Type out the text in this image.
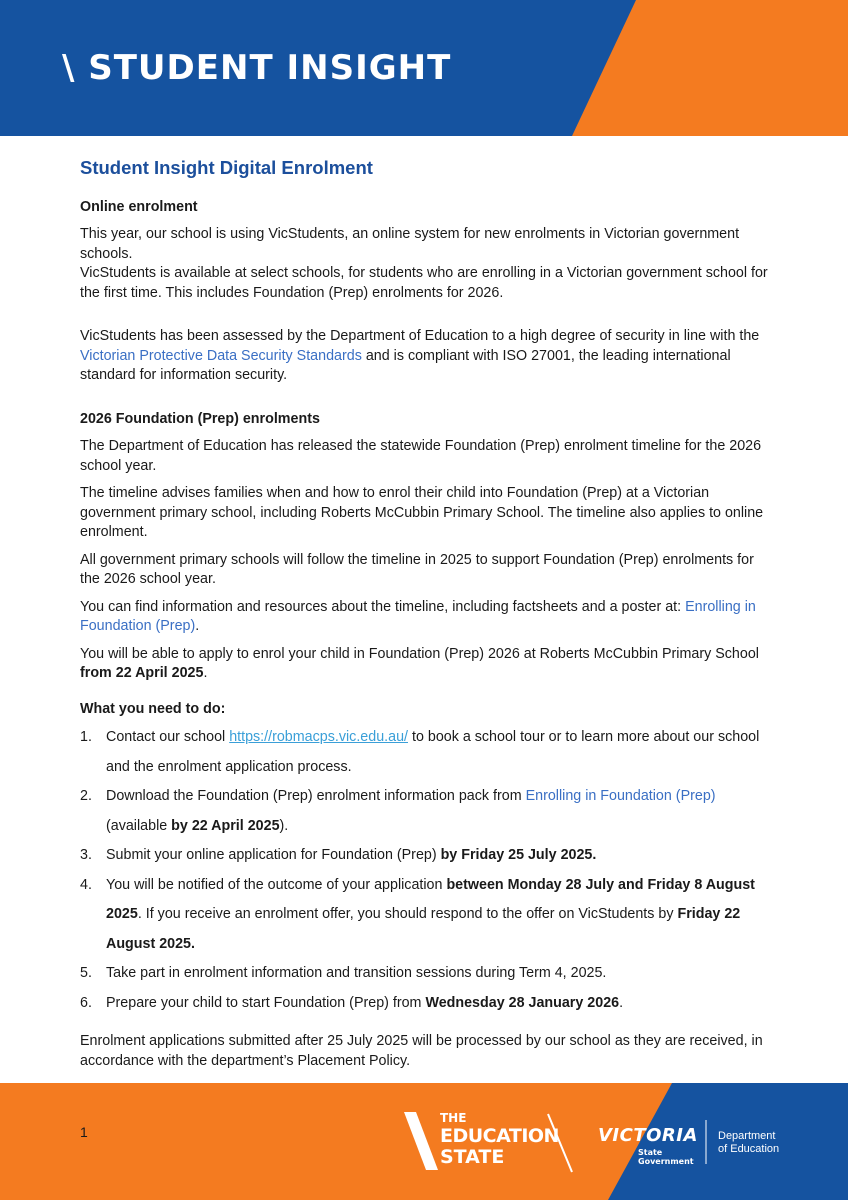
\ STUDENT INSIGHT
Student Insight Digital Enrolment
Online enrolment

This year, our school is using VicStudents, an online system for new enrolments in Victorian government schools.

VicStudents is available at select schools, for students who are enrolling in a Victorian government school for the first time. This includes Foundation (Prep) enrolments for 2026.

VicStudents has been assessed by the Department of Education to a high degree of security in line with the Victorian Protective Data Security Standards and is compliant with ISO 27001, the leading international standard for information security.

2026 Foundation (Prep) enrolments

The Department of Education has released the statewide Foundation (Prep) enrolment timeline for the 2026 school year.

The timeline advises families when and how to enrol their child into Foundation (Prep) at a Victorian government primary school, including Roberts McCubbin Primary School. The timeline also applies to online enrolment.

All government primary schools will follow the timeline in 2025 to support Foundation (Prep) enrolments for the 2026 school year.

You can find information and resources about the timeline, including factsheets and a poster at: Enrolling in Foundation (Prep).

You will be able to apply to enrol your child in Foundation (Prep) 2026 at Roberts McCubbin Primary School from 22 April 2025.

What you need to do:
1. Contact our school https://robmacps.vic.edu.au/ to book a school tour or to learn more about our school and the enrolment application process.
2. Download the Foundation (Prep) enrolment information pack from Enrolling in Foundation (Prep) (available by 22 April 2025).
3. Submit your online application for Foundation (Prep) by Friday 25 July 2025.
4. You will be notified of the outcome of your application between Monday 28 July and Friday 8 August 2025. If you receive an enrolment offer, you should respond to the offer on VicStudents by Friday 22 August 2025.
5. Take part in enrolment information and transition sessions during Term 4, 2025.
6. Prepare your child to start Foundation (Prep) from Wednesday 28 January 2026.

Enrolment applications submitted after 25 July 2025 will be processed by our school as they are received, in accordance with the department’s Placement Policy.

1
THE
EDUCATION
STATE
VICTORIA
State
Government
Department
of Education
